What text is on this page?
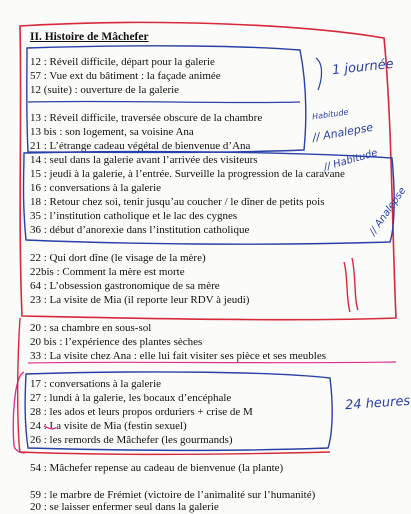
II. Histoire de Mâchefer
12 : Réveil difficile, départ pour la galerie
57 : Vue ext du bâtiment : la façade animée
12 (suite) : ouverture de la galerie
13 : Réveil difficile, traversée obscure de la chambre
13 bis : son logement, sa voisine Ana
21 : L’étrange cadeau végétal de bienvenue d’Ana
14 : seul dans la galerie avant l’arrivée des visiteurs
15 : jeudi à la galerie, à l’entrée. Surveille la progression de la caravane
16 : conversations à la galerie
18 : Retour chez soi, tenir jusqu’au coucher / le dîner de petits pois
35 : l’institution catholique et le lac des cygnes
36 : début d’anorexie dans l’institution catholique
22 : Qui dort dîne (le visage de la mère)
22bis : Comment la mère est morte
64 : L’obsession gastronomique de sa mère
23 : La visite de Mia (il reporte leur RDV à jeudi)
20 : sa chambre en sous-sol
20 bis : l’expérience des plantes sèches
33 : La visite chez Ana : elle lui fait visiter ses pièce et ses meubles
17 : conversations à la galerie
27 : lundi à la galerie, les bocaux d’encéphale
28 : les ados et leurs propos orduriers + crise de M
24 : La visite de Mia (festin sexuel)
26 : les remords de Mâchefer (les gourmands)
54 : Mâchefer repense au cadeau de bienvenue (la plante)
59 : le marbre de Frémiet (victoire de l’animalité sur l’humanité)
20 : se laisser enfermer seul dans la galerie
1 journée
Habitude
// Analepse
// Habitude
// Analepse
24 heures
